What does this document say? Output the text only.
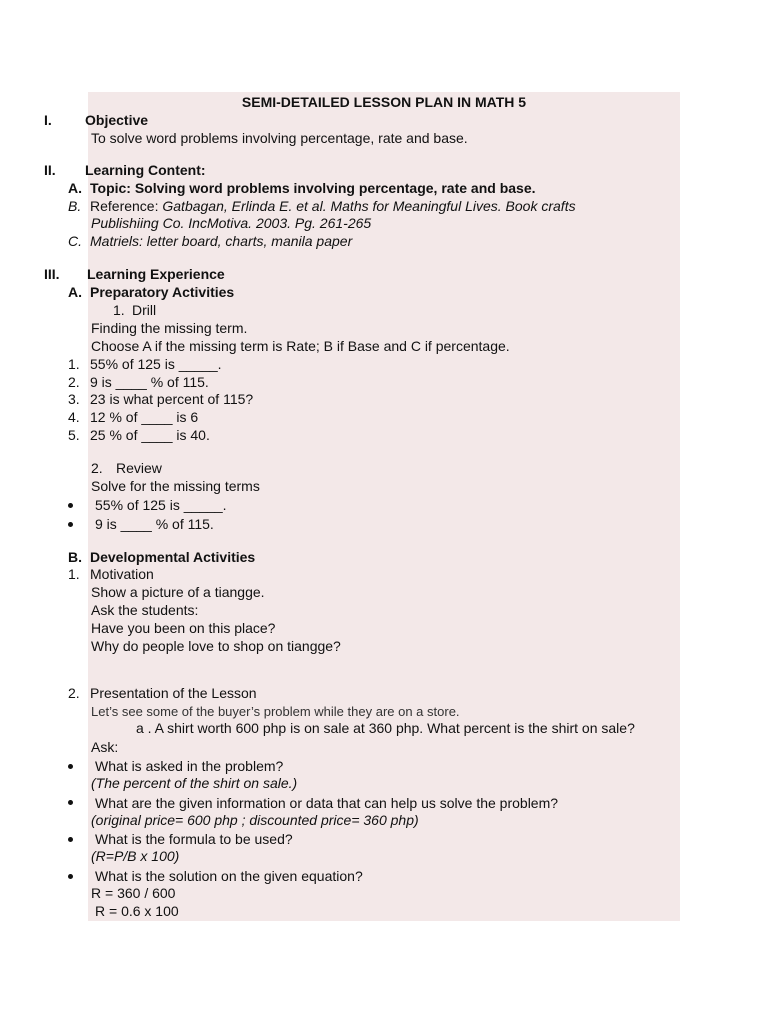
SEMI-DETAILED LESSON PLAN IN MATH 5
I. Objective
To solve word problems involving percentage, rate and base.
II. Learning Content:
A. Topic: Solving word problems involving percentage, rate and base.
B. Reference: Gatbagan, Erlinda E. et al. Maths for Meaningful Lives. Book crafts
Publishiing Co. IncMotiva. 2003. Pg. 261-265
C. Matriels: letter board, charts, manila paper
III. Learning Experience
A. Preparatory Activities
1. Drill
Finding the missing term.
Choose A if the missing term is Rate; B if Base and C if percentage.
1. 55% of 125 is _____.
2. 9 is ____ % of 115.
3. 23 is what percent of 115?
4. 12 % of ____ is 6
5. 25 % of ____ is 40.
2. Review
Solve for the missing terms
55% of 125 is _____.
9 is ____ % of 115.
B. Developmental Activities
1. Motivation
Show a picture of a tiangge.
Ask the students:
Have you been on this place?
Why do people love to shop on tiangge?
2. Presentation of the Lesson
Let’s see some of the buyer’s problem while they are on a store.
a . A shirt worth 600 php is on sale at 360 php. What percent is the shirt on sale?
Ask:
What is asked in the problem?
(The percent of the shirt on sale.)
What are the given information or data that can help us solve the problem?
(original price= 600 php ; discounted price= 360 php)
What is the formula to be used?
(R=P/B x 100)
What is the solution on the given equation?
R = 360 / 600
R = 0.6 x 100
